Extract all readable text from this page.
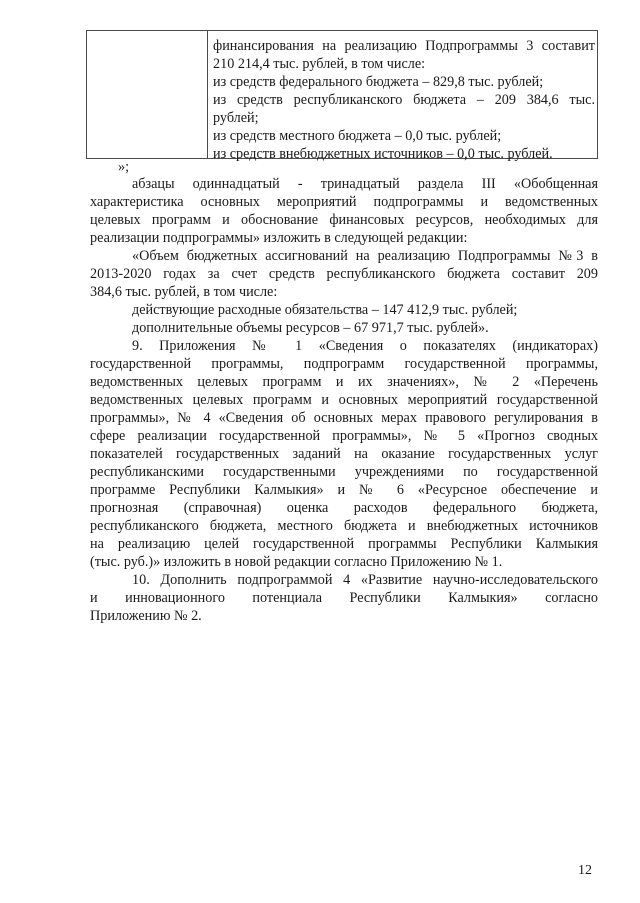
финансирования на реализацию Подпрограммы 3 составит
210 214,4 тыс. рублей, в том числе:
из средств федерального бюджета – 829,8 тыс. рублей;
из средств республиканского бюджета – 209 384,6 тыс.
рублей;
из средств местного бюджета – 0,0 тыс. рублей;
из средств внебюджетных источников – 0,0 тыс. рублей.
»;
абзацы одиннадцатый - тринадцатый раздела III «Обобщенная
характеристика основных мероприятий подпрограммы и ведомственных
целевых программ и обоснование финансовых ресурсов, необходимых для
реализации подпрограммы» изложить в следующей редакции:
«Объем бюджетных ассигнований на реализацию Подпрограммы №3 в
2013-2020 годах за счет средств республиканского бюджета составит 209
384,6 тыс. рублей, в том числе:
действующие расходные обязательства – 147 412,9 тыс. рублей;
дополнительные объемы ресурсов – 67 971,7 тыс. рублей».
9. Приложения № 1 «Сведения о показателях (индикаторах)
государственной программы, подпрограмм государственной программы,
ведомственных целевых программ и их значениях», № 2 «Перечень
ведомственных целевых программ и основных мероприятий государственной
программы», № 4 «Сведения об основных мерах правового регулирования в
сфере реализации государственной программы», № 5 «Прогноз сводных
показателей государственных заданий на оказание государственных услуг
республиканскими государственными учреждениями по государственной
программе Республики Калмыкия» и № 6 «Ресурсное обеспечение и
прогнозная (справочная) оценка расходов федерального бюджета,
республиканского бюджета, местного бюджета и внебюджетных источников
на реализацию целей государственной программы Республики Калмыкия
(тыс. руб.)» изложить в новой редакции согласно Приложению № 1.
10. Дополнить подпрограммой 4 «Развитие научно-исследовательского
и инновационного потенциала Республики Калмыкия» согласно
Приложению № 2.
12
